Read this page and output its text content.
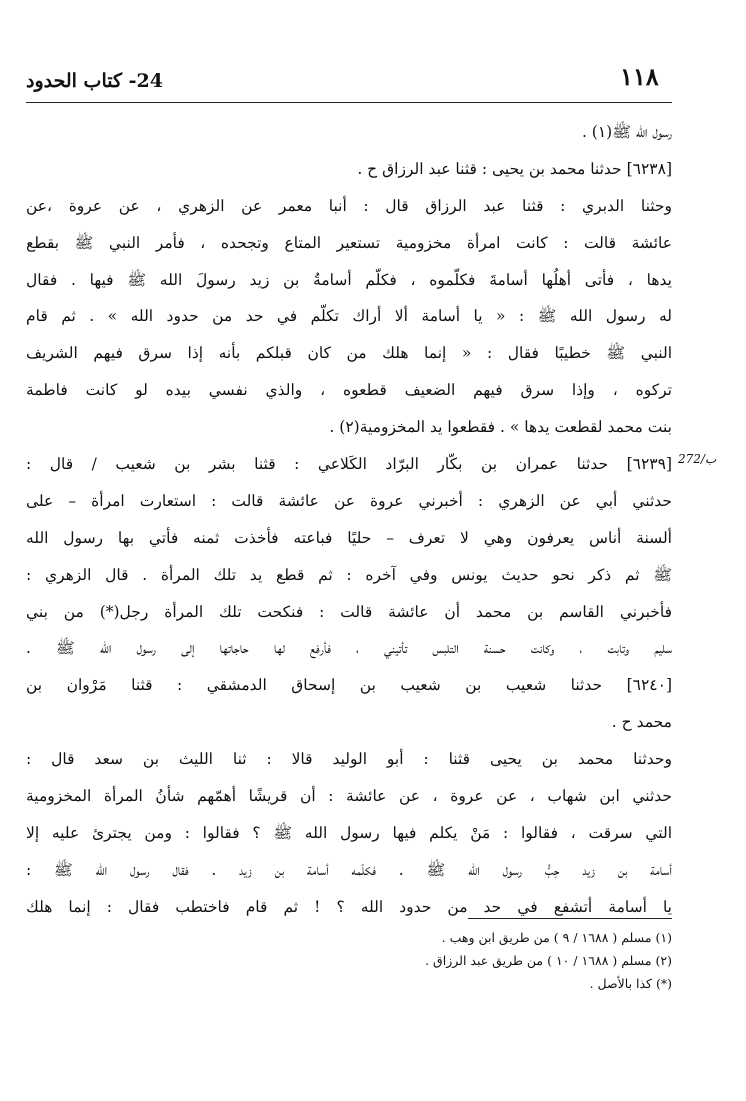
24- كتاب الحدود	١١٨
272/ب
رسول الله ﷺ(١) .
[٦٢٣٨] حدثنا محمد بن يحيى : قثنا عبد الرزاق ح .
وحثنا الدبري : قثنا عبد الرزاق قال : أنبا معمر عن الزهري ، عن عروة ،عن
عائشة قالت : كانت امرأة مخزومية تستعير المتاع وتجحده ، فأمر النبي ﷺ بقطع
يدها ، فأتى أهلُها أسامةَ فكلّموه ، فكلّم أسامةُ بن زيد رسولَ الله ﷺ فيها . فقال
له رسول الله ﷺ : « يا أسامة ألا أراك تكلّم في حد من حدود الله » . ثم قام
النبي ﷺ خطيبًا فقال : « إنما هلك من كان قبلكم بأنه إذا سرق فيهم الشريف
تركوه ، وإذا سرق فيهم الضعيف قطعوه ، والذي نفسي بيده لو كانت فاطمة
بنت محمد لقطعت يدها » . فقطعوا يد المخزومية(٢) .
[٦٢٣٩] حدثنا عمران بن بكّار البرّاد الكَلاعي : قثنا بشر بن شعيب / قال :
حدثني أبي عن الزهري : أخبرني عروة عن عائشة قالت : استعارت امرأة – على
ألسنة أناس يعرفون وهي لا تعرف – حليًا فباعته فأخذت ثمنه فأتي بها رسول الله
ﷺ ثم ذكر نحو حديث يونس وفي آخره : ثم قطع يد تلك المرأة . قال الزهري :
فأخبرني القاسم بن محمد أن عائشة قالت : فنكحت تلك المرأة رجل(*) من بني
سليم وتابت ، وكانت حسنة التلبس تأتيني ، فأرفع لها حاجاتها إلى رسول الله ﷺ .
[٦٢٤٠] حدثنا شعيب بن شعيب بن إسحاق الدمشقي : قثنا مَرْوان بن
محمد ح .
وحدثنا محمد بن يحيى قثنا : أبو الوليد قالا : ثنا الليث بن سعد قال :
حدثني ابن شهاب ، عن عروة ، عن عائشة : أن قريشًا أهمّهم شأنُ المرأة المخزومية
التي سرقت ، فقالوا : مَنْ يكلم فيها رسول الله ﷺ ؟ فقالوا : ومن يجترئ عليه إلا
أسامة بن زيد حِبُّ رسول الله ﷺ . فكلّمه أسامة بن زيد . فقال رسول الله ﷺ :
يا أسامة أتشفع في حد من حدود الله ؟ ! ثم قام فاختطب فقال : إنما هلك
(١) مسلم ( ١٦٨٨ / ٩ ) من طريق ابن وهب .
(٢) مسلم ( ١٦٨٨ / ١٠ ) من طريق عبد الرزاق .
(*) كذا بالأصل .
